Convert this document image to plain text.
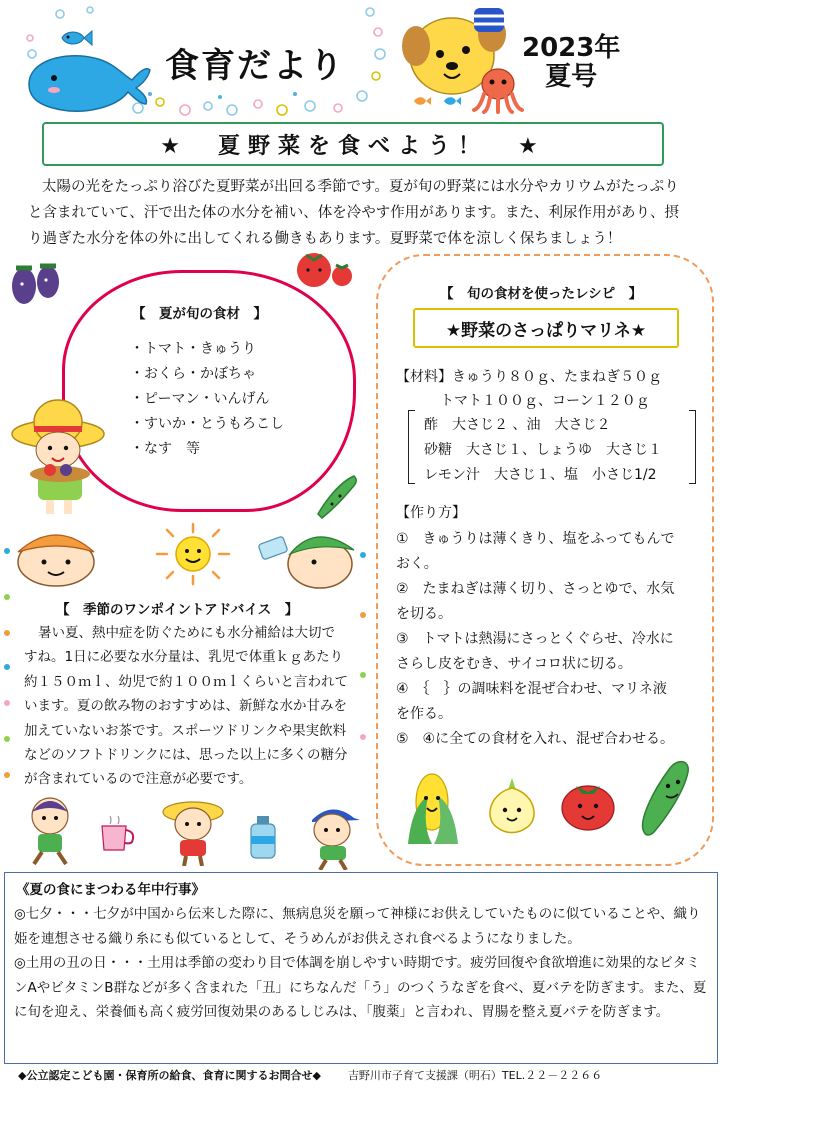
食育だより	2023年
夏号
★　夏野菜を食べよう！　★
太陽の光をたっぷり浴びた夏野菜が出回る季節です。夏が旬の野菜には水分やカリウムがたっぷりと含まれていて、汗で出た体の水分を補い、体を冷やす作用があります。また、利尿作用があり、摂り過ぎた水分を体の外に出してくれる働きもあります。夏野菜で体を涼しく保ちましょう！
【　夏が旬の食材　】
・トマト・きゅうり
・おくら・かぼちゃ
・ピーマン・いんげん
・すいか・とうもろこし
・なす　等
【　季節のワンポイントアドバイス　】
暑い夏、熱中症を防ぐためにも水分補給は大切ですね。1日に必要な水分量は、乳児で体重ｋｇあたり約１５０ｍｌ、幼児で約１００ｍｌくらいと言われています。夏の飲み物のおすすめは、新鮮な水か甘みを加えていないお茶です。スポーツドリンクや果実飲料などのソフトドリンクには、思った以上に多くの糖分が含まれているので注意が必要です。
【　旬の食材を使ったレシピ　】
★野菜のさっぱりマリネ★
【材料】きゅうり８０ｇ、たまねぎ５０ｇ
トマト１００ｇ、コーン１２０ｇ
酢　大さじ２ 、油　大さじ２
砂糖　大さじ１、しょうゆ　大さじ１
レモン汁　大さじ１、塩　小さじ1/2
【作り方】
①　きゅうりは薄くきり、塩をふってもんで
おく。
②　たまねぎは薄く切り、さっとゆで、水気
を切る。
③　トマトは熱湯にさっとくぐらせ、冷水に
さらし皮をむき、サイコロ状に切る。
④　｛　｝の調味料を混ぜ合わせ、マリネ液
を作る。
⑤　④に全ての食材を入れ、混ぜ合わせる。
《夏の食にまつわる年中行事》
◎七夕・・・七夕が中国から伝来した際に、無病息災を願って神様にお供えしていたものに似ていることや、織り姫を連想させる織り糸にも似ているとして、そうめんがお供えされ食べるようになりました。
◎土用の丑の日・・・土用は季節の変わり目で体調を崩しやすい時期です。疲労回復や食欲増進に効果的なビタミンAやビタミンB群などが多く含まれた「丑」にちなんだ「う」のつくうなぎを食べ、夏バテを防ぎます。また、夏に旬を迎え、栄養価も高く疲労回復効果のあるしじみは、「腹薬」と言われ、胃腸を整え夏バテを防ぎます。
◆公立認定こども園・保育所の給食、食育に関するお問合せ◆ 吉野川市子育て支援課（明石）TEL.２２－２２６６
